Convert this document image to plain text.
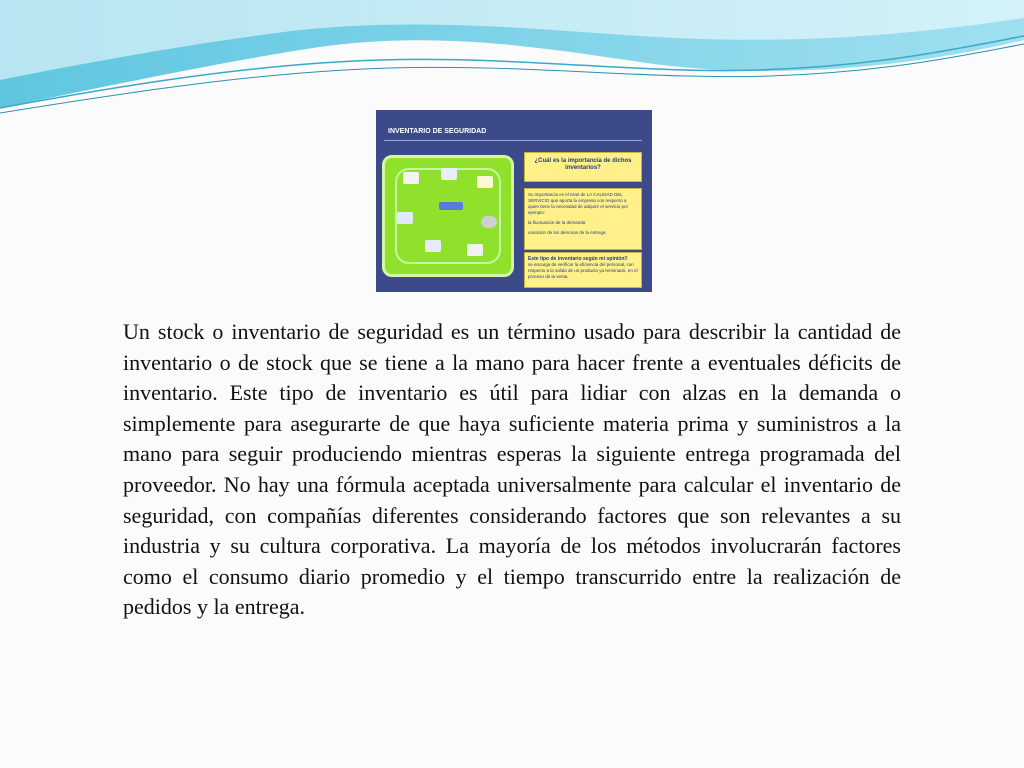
INVENTARIO DE SEGURIDAD
¿Cuál es la importancia de dichos inventarios?
Su importancia es el nivel de LA CALIDAD DEL SERVICIO que aporta la empresa con respecto a quien tiene la necesidad de adquirir el servicio por ejemplo:
la fluctuación de la demanda
variación de los demoras de la entrega
Este tipo de inventario según mi opinión!!
se encarga de verificar la eficiencia del personal, con respecto a la salida de un producto ya terminado, en el proceso de la venta.

Un stock o inventario de seguridad es un término usado para describir la cantidad de inventario o de stock que se tiene a la mano para hacer frente a eventuales déficits de inventario. Este tipo de inventario es útil para lidiar con alzas en la demanda o simplemente para asegurarte de que haya suficiente materia prima y suministros a la mano para seguir produciendo mientras esperas la siguiente entrega programada del proveedor. No hay una fórmula aceptada universalmente para calcular el inventario de seguridad, con compañías diferentes considerando factores que son relevantes a su industria y su cultura corporativa. La mayoría de los métodos involucrarán factores como el consumo diario promedio y el tiempo transcurrido entre la realización de pedidos y la entrega.
